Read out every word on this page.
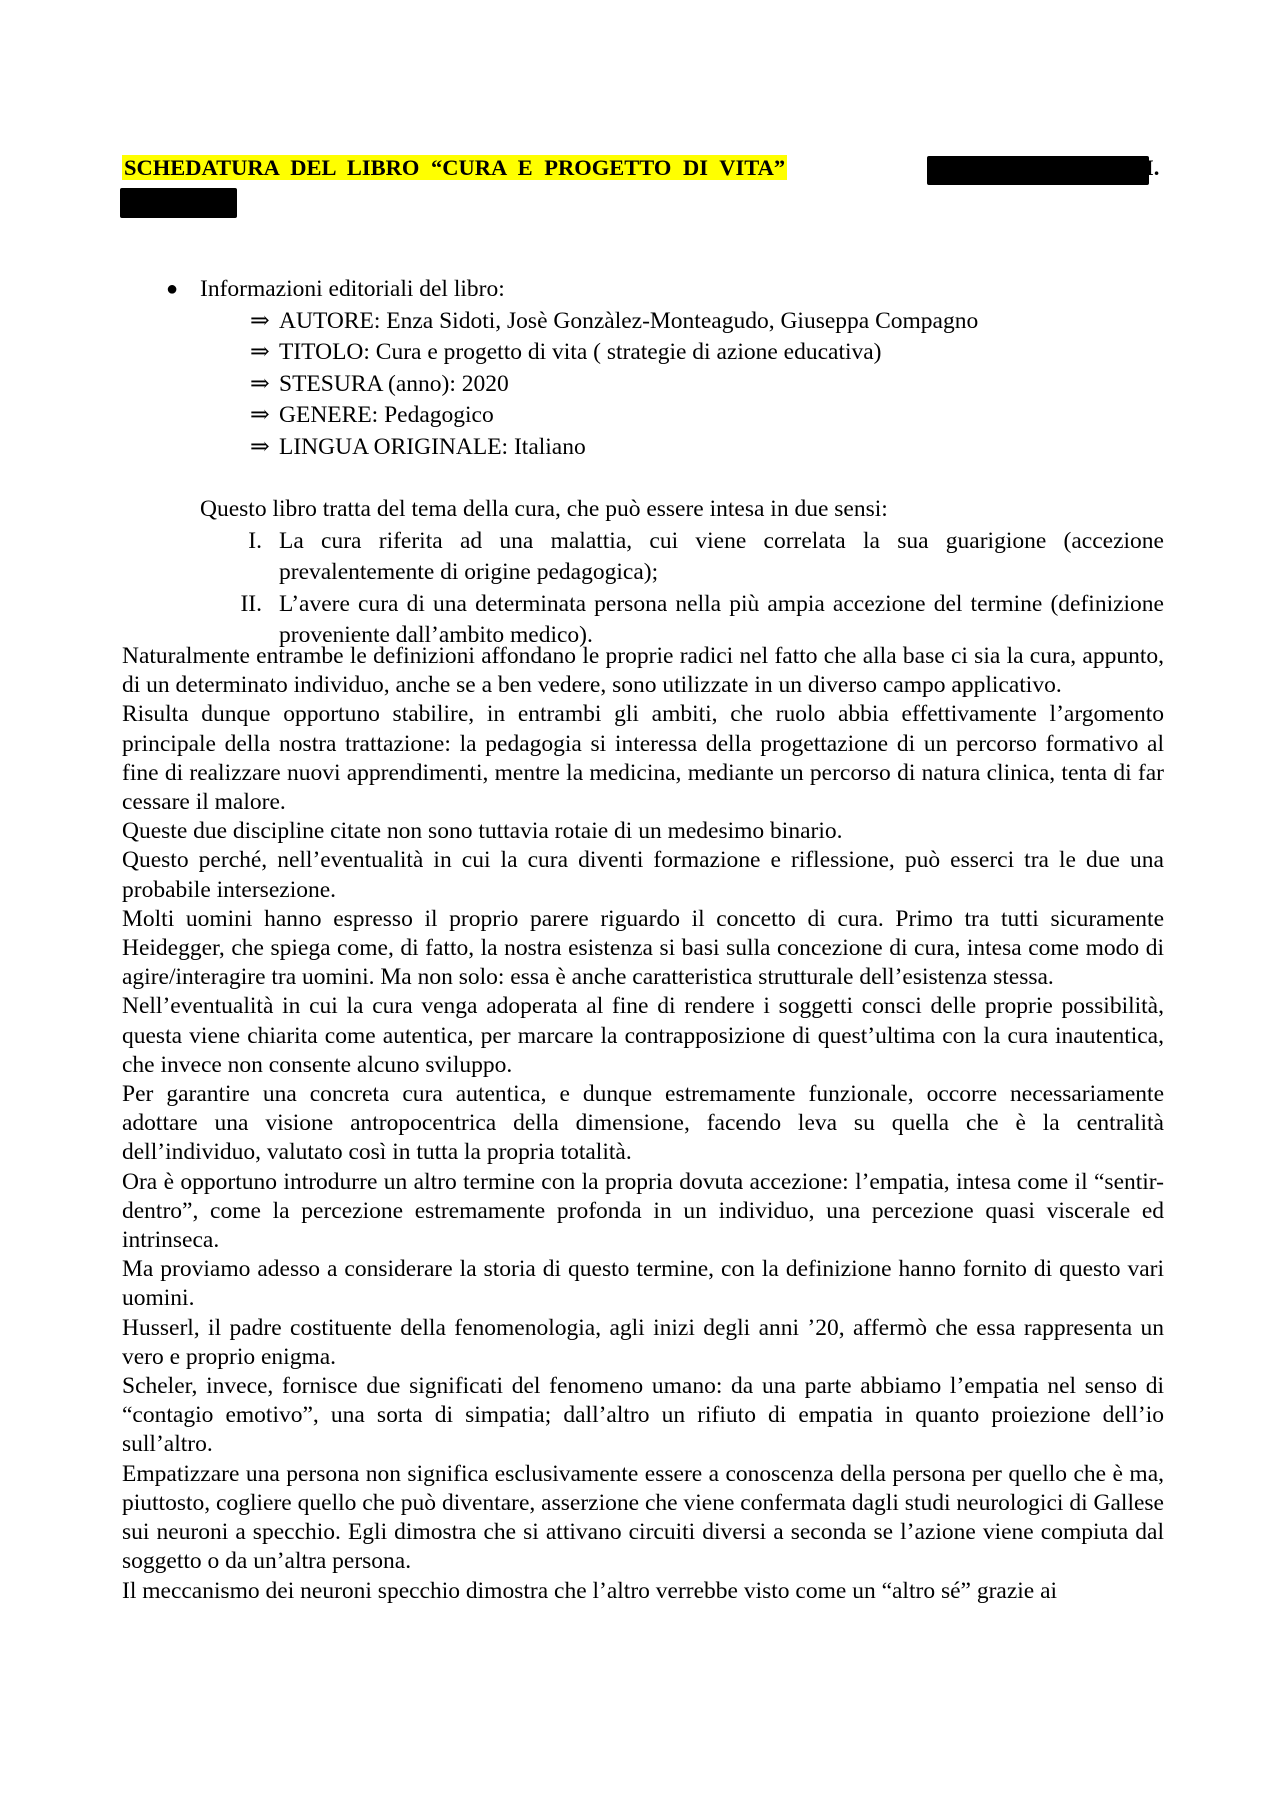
SCHEDATURA DEL LIBRO “CURA E PROGETTO DI VITA”	I.
● Informazioni editoriali del libro:
⇒ AUTORE: Enza Sidoti, Josè Gonzàlez-Monteagudo, Giuseppa Compagno
⇒ TITOLO: Cura e progetto di vita ( strategie di azione educativa)
⇒ STESURA (anno): 2020
⇒ GENERE: Pedagogico
⇒ LINGUA ORIGINALE: Italiano
Questo libro tratta del tema della cura, che può essere intesa in due sensi:
I. La cura riferita ad una malattia, cui viene correlata la sua guarigione (accezione prevalentemente di origine pedagogica);
II. L’avere cura di una determinata persona nella più ampia accezione del termine (definizione proveniente dall’ambito medico).

Naturalmente entrambe le definizioni affondano le proprie radici nel fatto che alla base ci sia la cura, appunto, di un determinato individuo, anche se a ben vedere, sono utilizzate in un diverso campo applicativo.

Risulta dunque opportuno stabilire, in entrambi gli ambiti, che ruolo abbia effettivamente l’argomento principale della nostra trattazione: la pedagogia si interessa della progettazione di un percorso formativo al fine di realizzare nuovi apprendimenti, mentre la medicina, mediante un percorso di natura clinica, tenta di far cessare il malore.

Queste due discipline citate non sono tuttavia rotaie di un medesimo binario.

Questo perché, nell’eventualità in cui la cura diventi formazione e riflessione, può esserci tra le due una probabile intersezione.

Molti uomini hanno espresso il proprio parere riguardo il concetto di cura. Primo tra tutti sicuramente Heidegger, che spiega come, di fatto, la nostra esistenza si basi sulla concezione di cura, intesa come modo di agire/interagire tra uomini. Ma non solo: essa è anche caratteristica strutturale dell’esistenza stessa.

Nell’eventualità in cui la cura venga adoperata al fine di rendere i soggetti consci delle proprie possibilità, questa viene chiarita come autentica, per marcare la contrapposizione di quest’ultima con la cura inautentica, che invece non consente alcuno sviluppo.

Per garantire una concreta cura autentica, e dunque estremamente funzionale, occorre necessariamente adottare una visione antropocentrica della dimensione, facendo leva su quella che è la centralità dell’individuo, valutato così in tutta la propria totalità.

Ora è opportuno introdurre un altro termine con la propria dovuta accezione: l’empatia, intesa come il “sentir-dentro”, come la percezione estremamente profonda in un individuo, una percezione quasi viscerale ed intrinseca.

Ma proviamo adesso a considerare la storia di questo termine, con la definizione hanno fornito di questo vari uomini.

Husserl, il padre costituente della fenomenologia, agli inizi degli anni ’20, affermò che essa rappresenta un vero e proprio enigma.

Scheler, invece, fornisce due significati del fenomeno umano: da una parte abbiamo l’empatia nel senso di “contagio emotivo”, una sorta di simpatia; dall’altro un rifiuto di empatia in quanto proiezione dell’io sull’altro.

Empatizzare una persona non significa esclusivamente essere a conoscenza della persona per quello che è ma, piuttosto, cogliere quello che può diventare, asserzione che viene confermata dagli studi neurologici di Gallese sui neuroni a specchio. Egli dimostra che si attivano circuiti diversi a seconda se l’azione viene compiuta dal soggetto o da un’altra persona.

Il meccanismo dei neuroni specchio dimostra che l’altro verrebbe visto come un “altro sé” grazie ai
